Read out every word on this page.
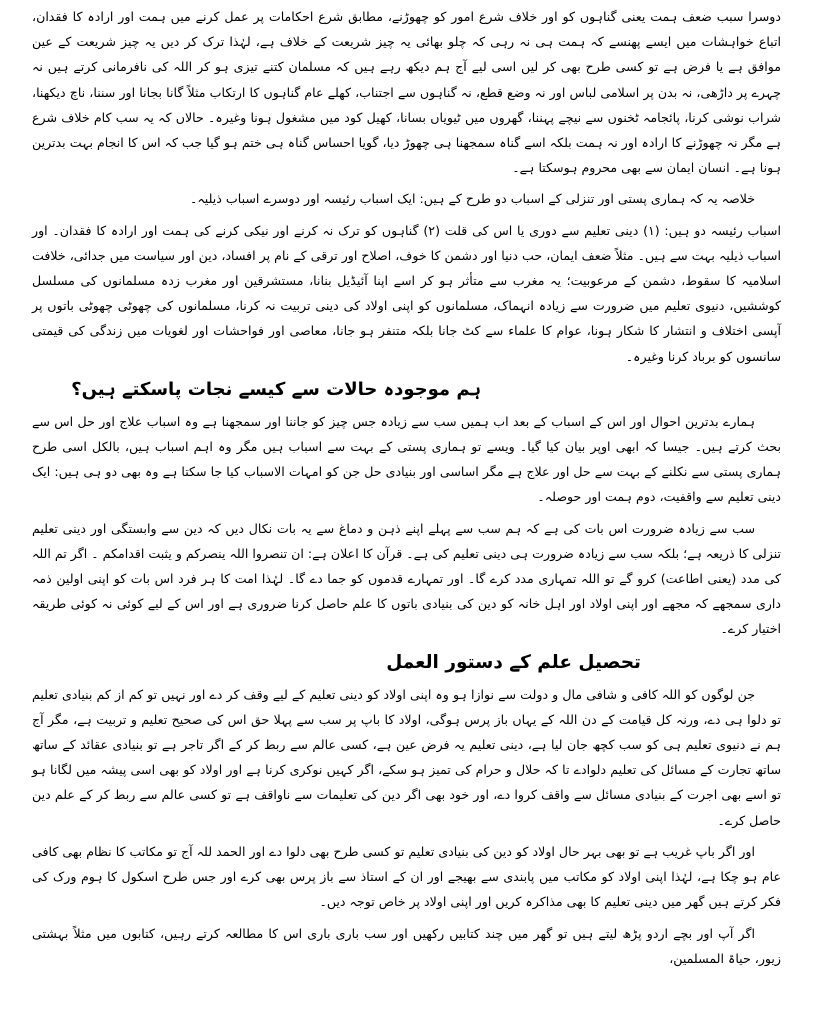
دوسرا سبب ضعف ہمت یعنی گناہوں کو اور خلاف شرع امور کو چھوڑنے، مطابق شرع احکامات پر عمل کرنے میں ہمت اور ارادہ کا فقدان، اتباع خواہشات میں ایسے پھنسے کہ ہمت ہی نہ رہی کہ چلو بھائی یہ چیز شریعت کے خلاف ہے، لہٰذا ترک کر دیں یہ چیز شریعت کے عین موافق ہے یا فرض ہے تو کسی طرح بھی کر لیں اسی لیے آج ہم دیکھ رہے ہیں کہ مسلمان کتنے تیزی ہو کر اللہ کی نافرمانی کرتے ہیں نہ چہرے پر داڑھی، نہ بدن پر اسلامی لباس اور نہ وضع قطع، نہ گناہوں سے اجتناب، کھلے عام گناہوں کا ارتکاب مثلاً گانا بجانا اور سننا، ناچ دیکھنا، شراب نوشی کرنا، پائجامہ ٹخنوں سے نیچے پہننا، گھروں میں ٹیویاں بسانا، کھیل کود میں مشغول ہونا وغیرہ۔ حالاں کہ یہ سب کام خلاف شرع ہے مگر نہ چھوڑنے کا ارادہ اور نہ ہمت بلکہ اسے گناہ سمجھنا ہی چھوڑ دیا، گویا احساس گناہ ہی ختم ہو گیا جب کہ اس کا انجام بہت بدترین ہونا ہے۔ انسان ایمان سے بھی محروم ہوسکتا ہے۔

خلاصہ یہ کہ ہماری پستی اور تنزلی کے اسباب دو طرح کے ہیں: ایک اسباب رئیسہ اور دوسرے اسباب ذیلیہ۔

اسباب رئیسہ دو ہیں: (۱) دینی تعلیم سے دوری یا اس کی قلت (۲) گناہوں کو ترک نہ کرنے اور نیکی کرنے کی ہمت اور ارادہ کا فقدان۔ اور اسباب ذیلیہ بہت سے ہیں۔ مثلاً ضعف ایمان، حب دنیا اور دشمن کا خوف، اصلاح اور ترقی کے نام پر افساد، دین اور سیاست میں جدائی، خلافت اسلامیہ کا سقوط، دشمن کے مرعوبیت؛ یہ مغرب سے متأثر ہو کر اسے اپنا آئیڈیل بنانا، مستشرقین اور مغرب زدہ مسلمانوں کی مسلسل کوششیں، دنیوی تعلیم میں ضرورت سے زیادہ انہماک، مسلمانوں کو اپنی اولاد کی دینی تربیت نہ کرنا، مسلمانوں کی چھوٹی چھوٹی باتوں پر آپسی اختلاف و انتشار کا شکار ہونا، عوام کا علماء سے کٹ جانا بلکہ متنفر ہو جانا، معاصی اور فواحشات اور لغویات میں زندگی کی قیمتی سانسوں کو برباد کرنا وغیرہ۔

ہم موجودہ حالات سے کیسے نجات پاسکتے ہیں؟

ہمارے بدترین احوال اور اس کے اسباب کے بعد اب ہمیں سب سے زیادہ جس چیز کو جاننا اور سمجھنا ہے وہ اسباب علاج اور حل اس سے بحث کرتے ہیں۔ جیسا کہ ابھی اوپر بیان کیا گیا۔ ویسے تو ہماری پستی کے بہت سے اسباب ہیں مگر وہ اہم اسباب ہیں، بالکل اسی طرح ہماری پستی سے نکلنے کے بہت سے حل اور علاج ہے مگر اساسی اور بنیادی حل جن کو امہات الاسباب کیا جا سکتا ہے وہ بھی دو ہی ہیں: ایک دینی تعلیم سے واقفیت، دوم ہمت اور حوصلہ۔

سب سے زیادہ ضرورت اس بات کی ہے کہ ہم سب سے پہلے اپنے ذہن و دماغ سے یہ بات نکال دیں کہ دین سے وابستگی اور دینی تعلیم تنزلی کا ذریعہ ہے؛ بلکہ سب سے زیادہ ضرورت ہی دینی تعلیم کی ہے۔ قرآن کا اعلان ہے: ان تنصروا اللہ ینصرکم و یثبت اقدامکم ۔ اگر تم اللہ کی مدد (یعنی اطاعت) کرو گے تو اللہ تمہاری مدد کرے گا۔ اور تمہارے قدموں کو جما دے گا۔ لہٰذا امت کا ہر فرد اس بات کو اپنی اولین ذمہ داری سمجھے کہ مجھے اور اپنی اولاد اور اہل خانہ کو دین کی بنیادی باتوں کا علم حاصل کرنا ضروری ہے اور اس کے لیے کوئی نہ کوئی طریقہ اختیار کرے۔

تحصیل علم کے دستور العمل

جن لوگوں کو اللہ کافی و شافی مال و دولت سے نوازا ہو وہ اپنی اولاد کو دینی تعلیم کے لیے وقف کر دے اور نہیں تو کم از کم بنیادی تعلیم تو دلوا ہی دے، ورنہ کل قیامت کے دن اللہ کے یہاں باز پرس ہوگی، اولاد کا باپ پر سب سے پہلا حق اس کی صحیح تعلیم و تربیت ہے، مگر آج ہم نے دنیوی تعلیم ہی کو سب کچھ جان لیا ہے، دینی تعلیم یہ فرض عین ہے، کسی عالم سے ربط کر کے اگر تاجر ہے تو بنیادی عقائد کے ساتھ ساتھ تجارت کے مسائل کی تعلیم دلوادے تا کہ حلال و حرام کی تمیز ہو سکے، اگر کہیں نوکری کرنا ہے اور اولاد کو بھی اسی پیشہ میں لگانا ہو تو اسے بھی اجرت کے بنیادی مسائل سے واقف کروا دے، اور خود بھی اگر دین کی تعلیمات سے ناواقف ہے تو کسی عالم سے ربط کر کے علم دین حاصل کرے۔

اور اگر باپ غریب ہے تو بھی بہر حال اولاد کو دین کی بنیادی تعلیم تو کسی طرح بھی دلوا دے اور الحمد للہ آج تو مکاتب کا نظام بھی کافی عام ہو چکا ہے، لہٰذا اپنی اولاد کو مکاتب میں پابندی سے بھیجے اور ان کے استاذ سے باز پرس بھی کرے اور جس طرح اسکول کا ہوم ورک کی فکر کرتے ہیں گھر میں دینی تعلیم کا بھی مذاکرہ کریں اور اپنی اولاد پر خاص توجہ دیں۔

اگر آپ اور بچے اردو پڑھ لیتے ہیں تو گھر میں چند کتابیں رکھیں اور سب باری باری اس کا مطالعہ کرتے رہیں، کتابوں میں مثلاً بہشتی زیور، حیاۃ المسلمین،
